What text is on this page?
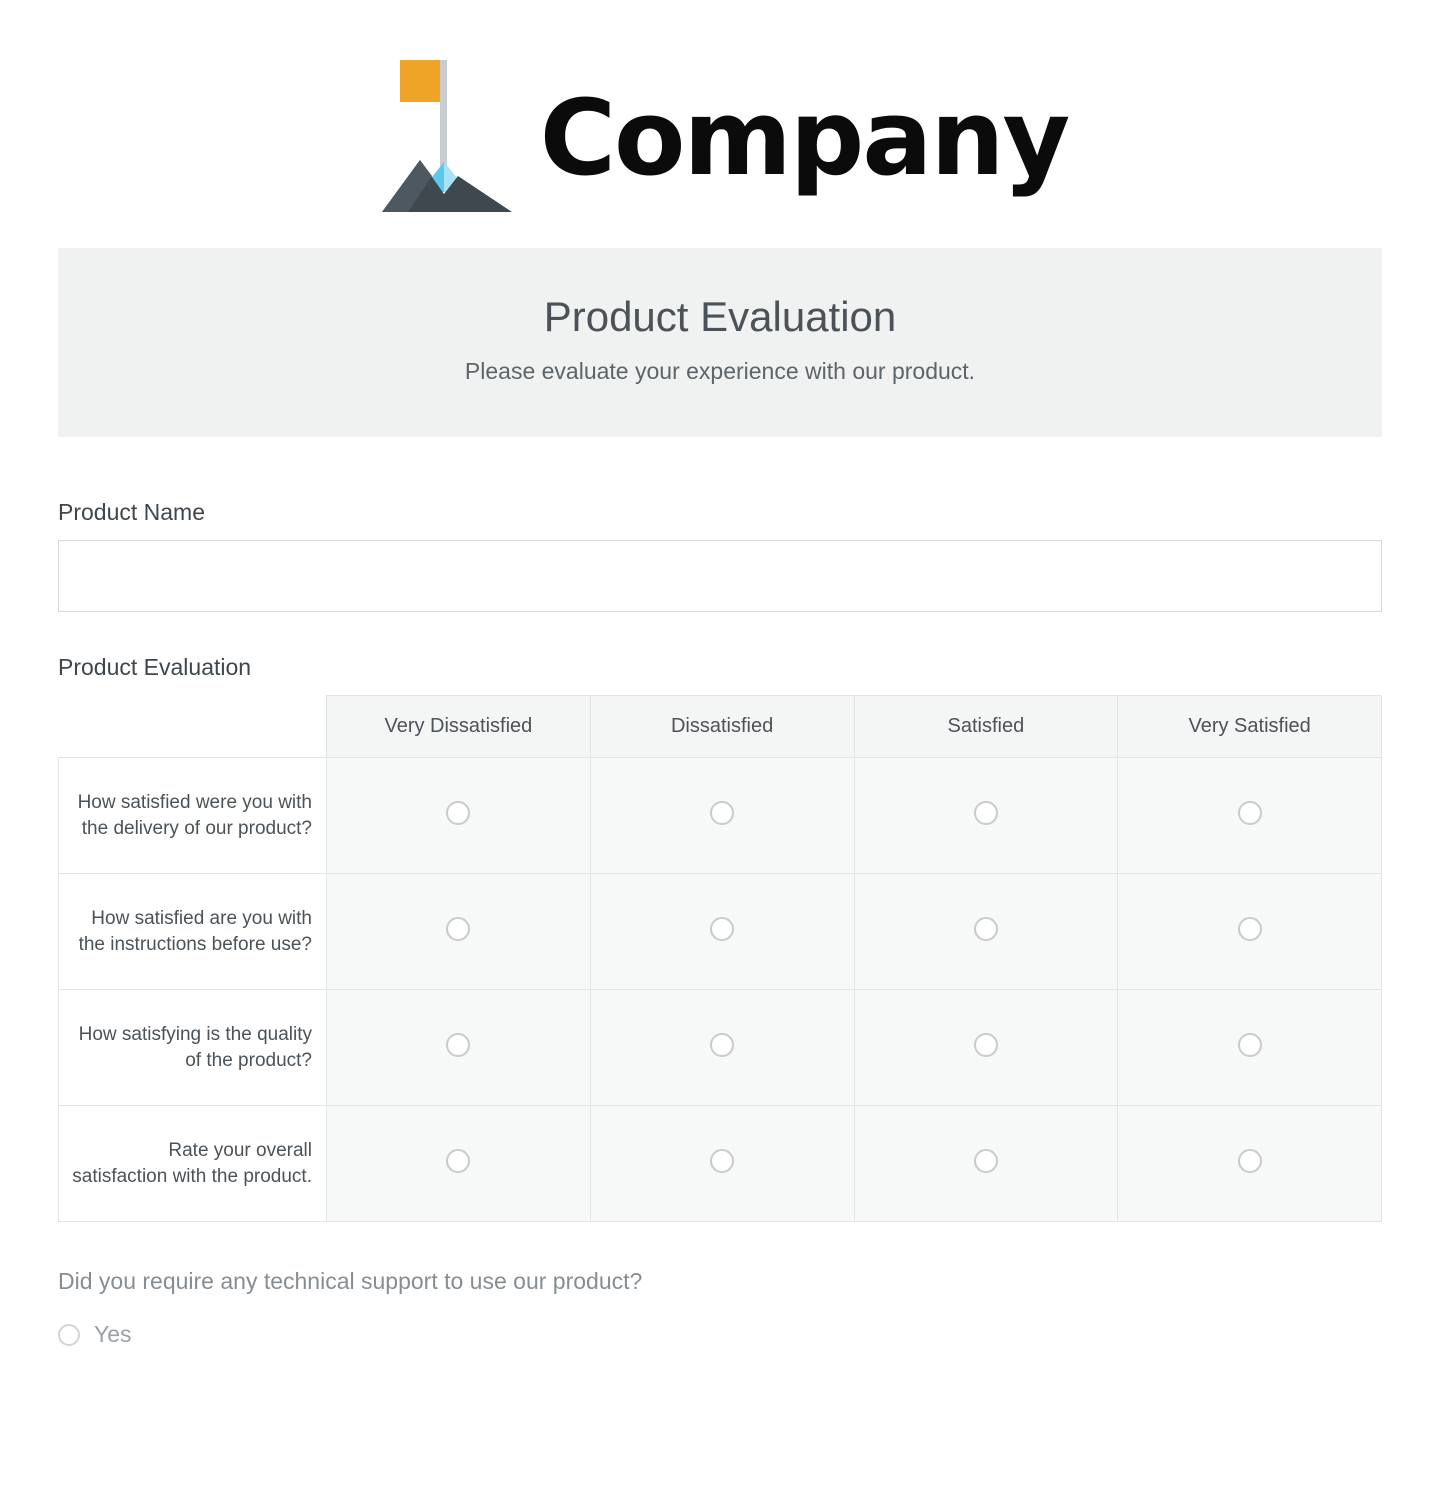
Company
Product Evaluation

Please evaluate your experience with our product.

Product Name
Product Evaluation
	Very Dissatisfied	Dissatisfied	Satisfied	Very Satisfied
How satisfied were you with the delivery of our product?				
How satisfied are you with the instructions before use?				
How satisfying is the quality of the product?				
Rate your overall satisfaction with the product.				
Did you require any technical support to use our product?
Yes
